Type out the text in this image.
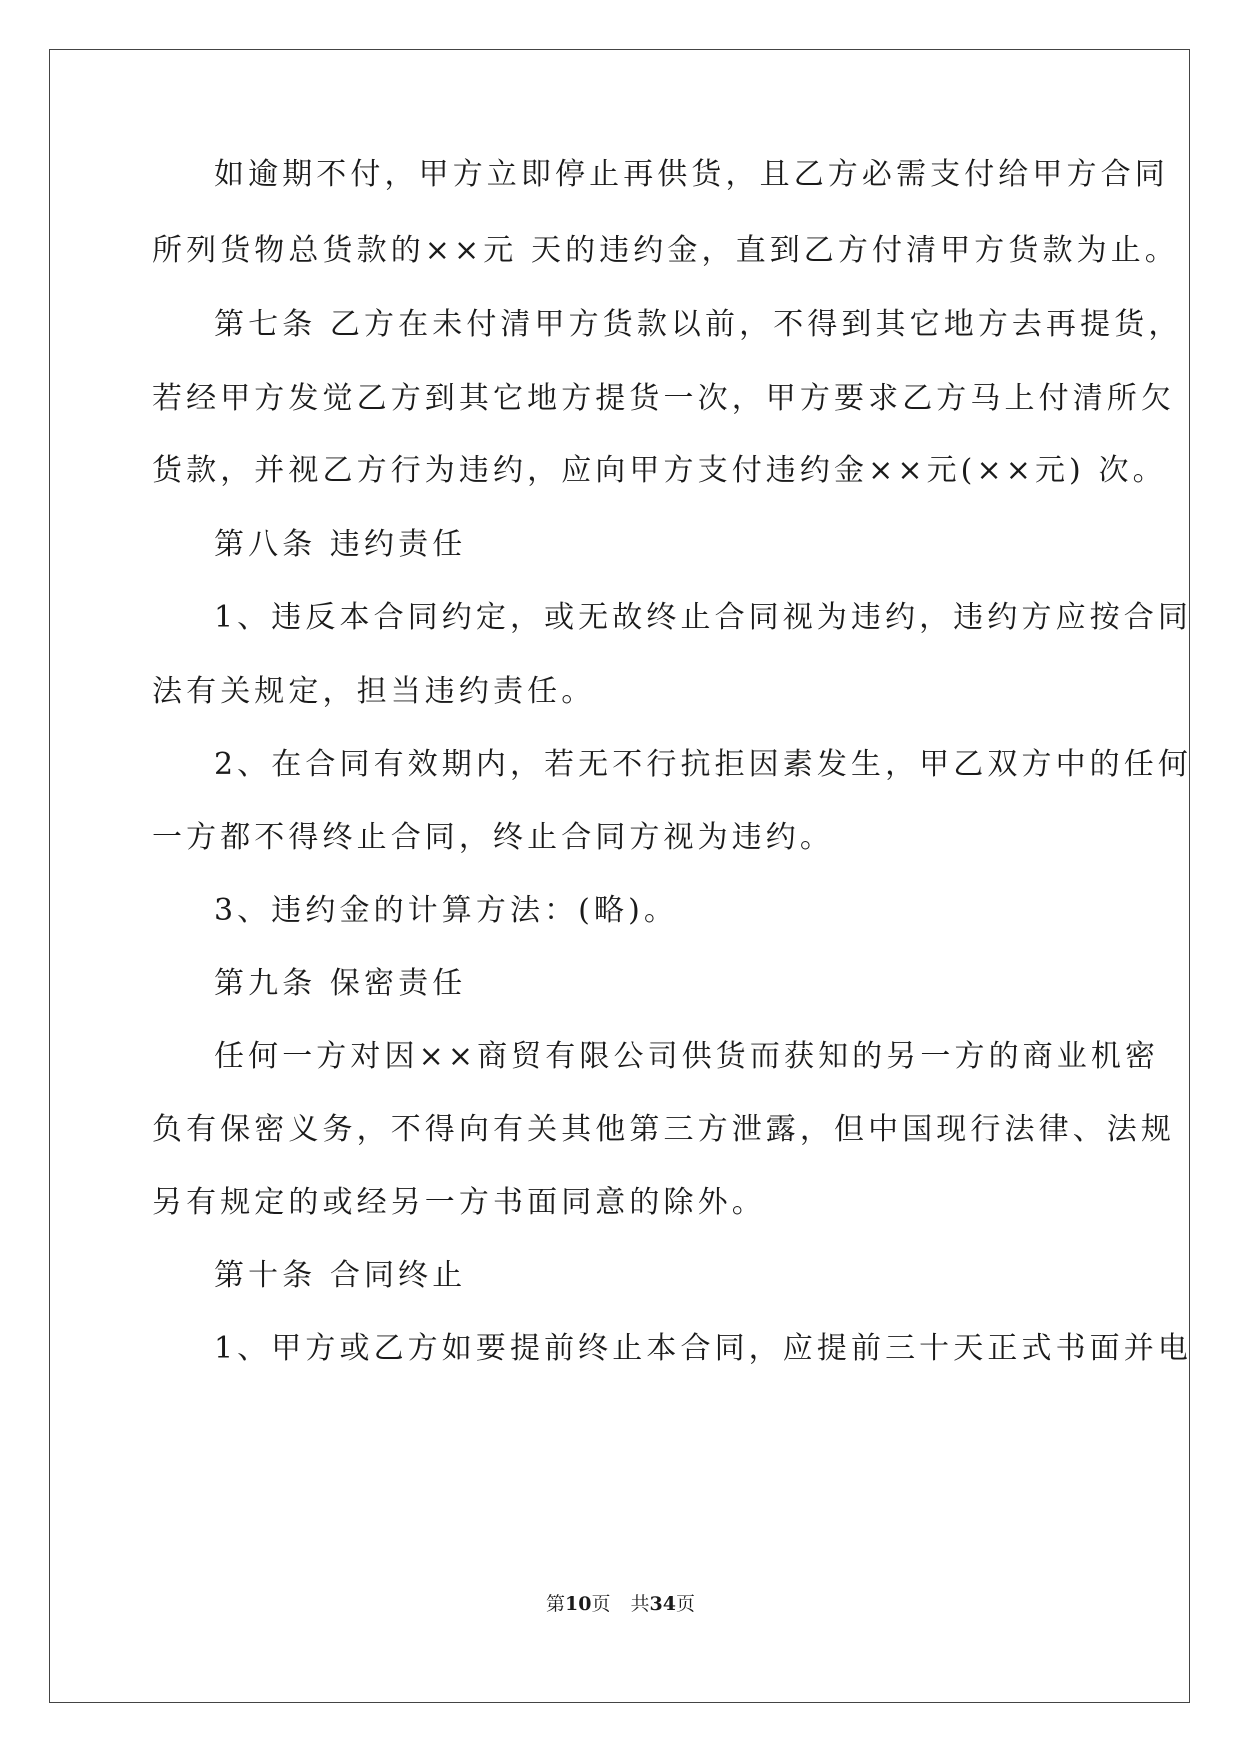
如逾期不付，甲方立即停止再供货，且乙方必需支付给甲方合同
所列货物总货款的××元 天的违约金，直到乙方付清甲方货款为止。
第七条 乙方在未付清甲方货款以前，不得到其它地方去再提货，
若经甲方发觉乙方到其它地方提货一次，甲方要求乙方马上付清所欠
货款，并视乙方行为违约，应向甲方支付违约金××元(××元) 次。
第八条 违约责任
1、违反本合同约定，或无故终止合同视为违约，违约方应按合同
法有关规定，担当违约责任。
2、在合同有效期内，若无不行抗拒因素发生，甲乙双方中的任何
一方都不得终止合同，终止合同方视为违约。
3、违约金的计算方法：(略)。
第九条 保密责任
任何一方对因××商贸有限公司供货而获知的另一方的商业机密
负有保密义务，不得向有关其他第三方泄露，但中国现行法律、法规
另有规定的或经另一方书面同意的除外。
第十条 合同终止
1、甲方或乙方如要提前终止本合同，应提前三十天正式书面并电
第10页 共34页
